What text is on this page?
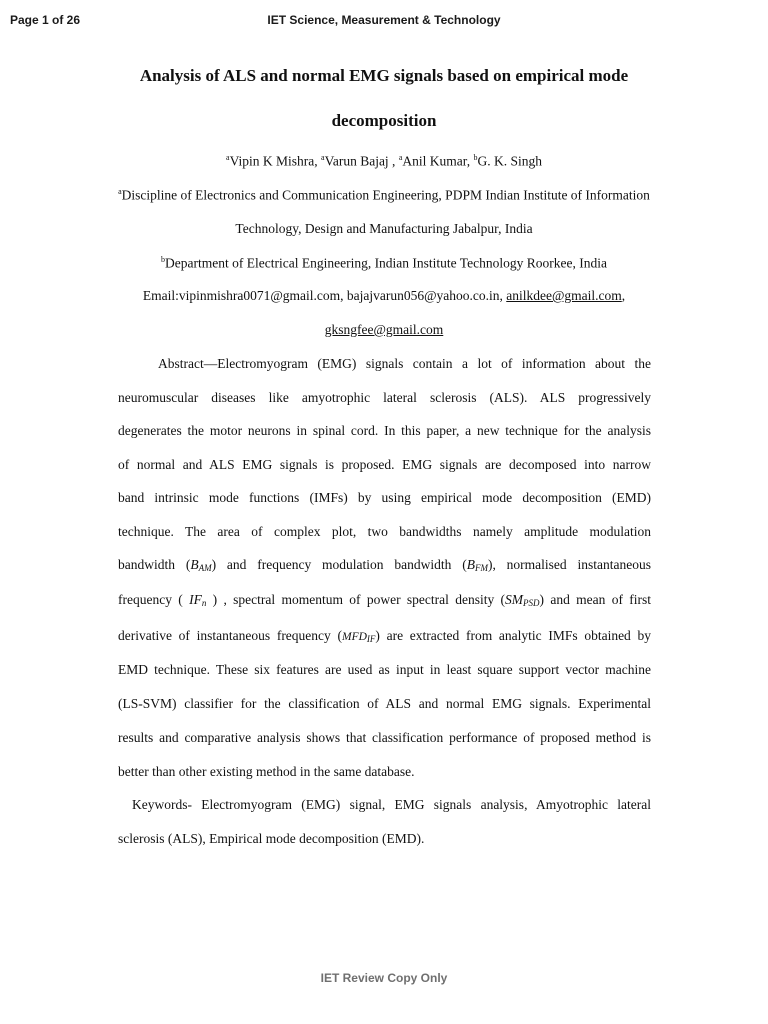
Page 1 of 26	IET Science, Measurement & Technology
Analysis of ALS and normal EMG signals based on empirical mode
decomposition
$^a$Vipin K Mishra, $^a$Varun Bajaj , $^a$Anil Kumar, $^b$G. K. Singh
$^a$Discipline of Electronics and Communication Engineering, PDPM Indian Institute of Information
Technology, Design and Manufacturing Jabalpur, India
$^b$Department of Electrical Engineering, Indian Institute Technology Roorkee, India
Email:vipinmishra0071@gmail.com, bajajvarun056@yahoo.co.in, anilkdee@gmail.com,
gksngfee@gmail.com
Abstract—Electromyogram (EMG) signals contain a lot of information about the
neuromuscular diseases like amyotrophic lateral sclerosis (ALS). ALS progressively
degenerates the motor neurons in spinal cord. In this paper, a new technique for the analysis
of normal and ALS EMG signals is proposed. EMG signals are decomposed into narrow
band intrinsic mode functions (IMFs) by using empirical mode decomposition (EMD)
technique. The area of complex plot, two bandwidths namely amplitude modulation
bandwidth $(B_{AM})$ and frequency modulation bandwidth $(B_{FM})$, normalised instantaneous
frequency ( $IF_n$ ) , spectral momentum of power spectral density $(SM_{PSD})$ and mean of first
derivative of instantaneous frequency $(MFD_{IF})$ are extracted from analytic IMFs obtained by
EMD technique. These six features are used as input in least square support vector machine
(LS-SVM) classifier for the classification of ALS and normal EMG signals. Experimental
results and comparative analysis shows that classification performance of proposed method is
better than other existing method in the same database.
Keywords- Electromyogram (EMG) signal, EMG signals analysis, Amyotrophic lateral
sclerosis (ALS), Empirical mode decomposition (EMD).
IET Review Copy Only
